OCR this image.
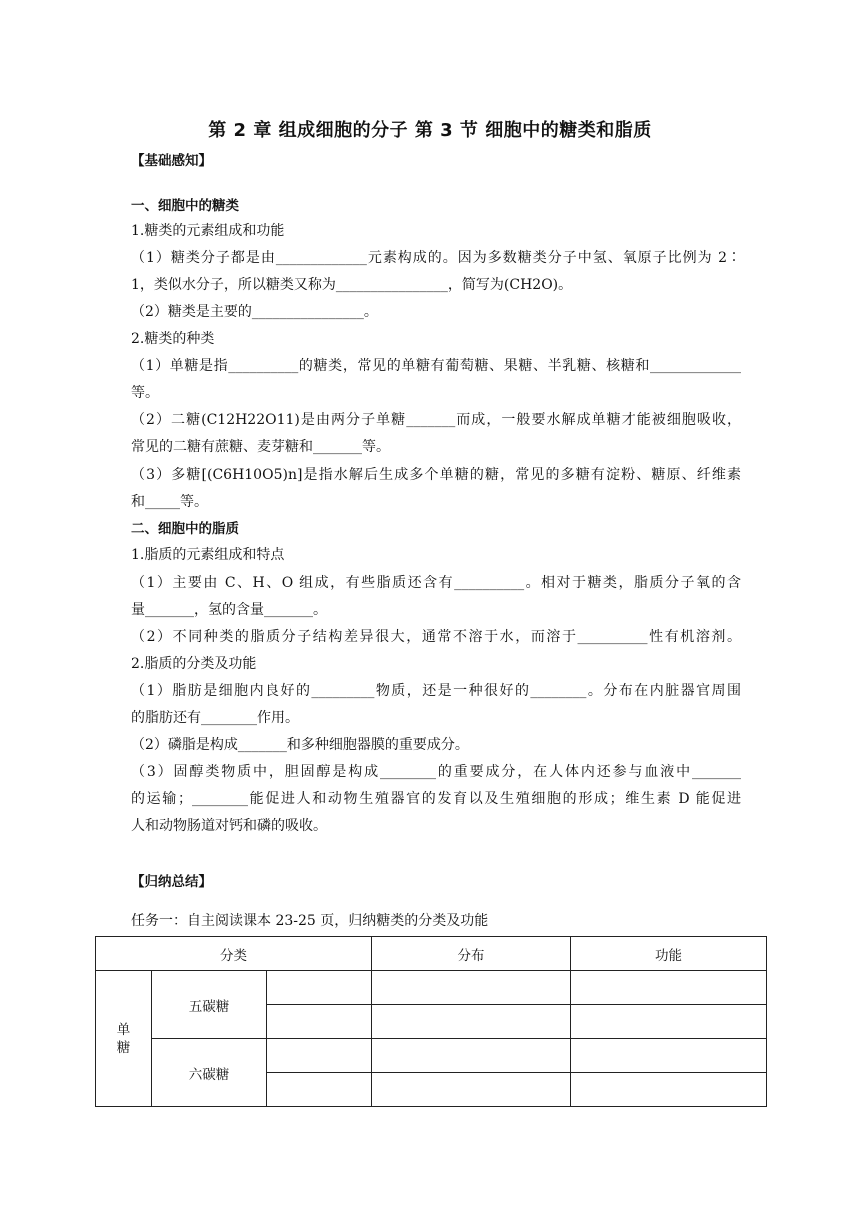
第 2 章 组成细胞的分子 第 3 节 细胞中的糖类和脂质
【基础感知】
一、细胞中的糖类
1.糖类的元素组成和功能
（1）糖类分子都是由_____________元素构成的。因为多数糖类分子中氢、氧原子比例为 2∶
1，类似水分子，所以糖类又称为________________，简写为(CH2O)。
（2）糖类是主要的________________。
2.糖类的种类
（1）单糖是指__________的糖类，常见的单糖有葡萄糖、果糖、半乳糖、核糖和_____________
等。
（2）二糖(C12H22O11)是由两分子单糖_______而成，一般要水解成单糖才能被细胞吸收，
常见的二糖有蔗糖、麦芽糖和_______等。
（3）多糖[(C6H10O5)n]是指水解后生成多个单糖的糖，常见的多糖有淀粉、糖原、纤维素
和_____等。
二、细胞中的脂质
1.脂质的元素组成和特点
（1）主要由 C、H、O 组成，有些脂质还含有__________。相对于糖类，脂质分子氧的含
量_______，氢的含量_______。
（2）不同种类的脂质分子结构差异很大，通常不溶于水，而溶于__________性有机溶剂。
2.脂质的分类及功能
（1）脂肪是细胞内良好的_________物质，还是一种很好的________。分布在内脏器官周围
的脂肪还有________作用。
（2）磷脂是构成_______和多种细胞器膜的重要成分。
（3）固醇类物质中，胆固醇是构成________的重要成分，在人体内还参与血液中_______
的运输；________能促进人和动物生殖器官的发育以及生殖细胞的形成；维生素 D 能促进
人和动物肠道对钙和磷的吸收。
【归纳总结】
任务一：自主阅读课本 23-25 页，归纳糖类的分类及功能
分类			分布	功能
单 糖	五碳糖			

	六碳糖			
